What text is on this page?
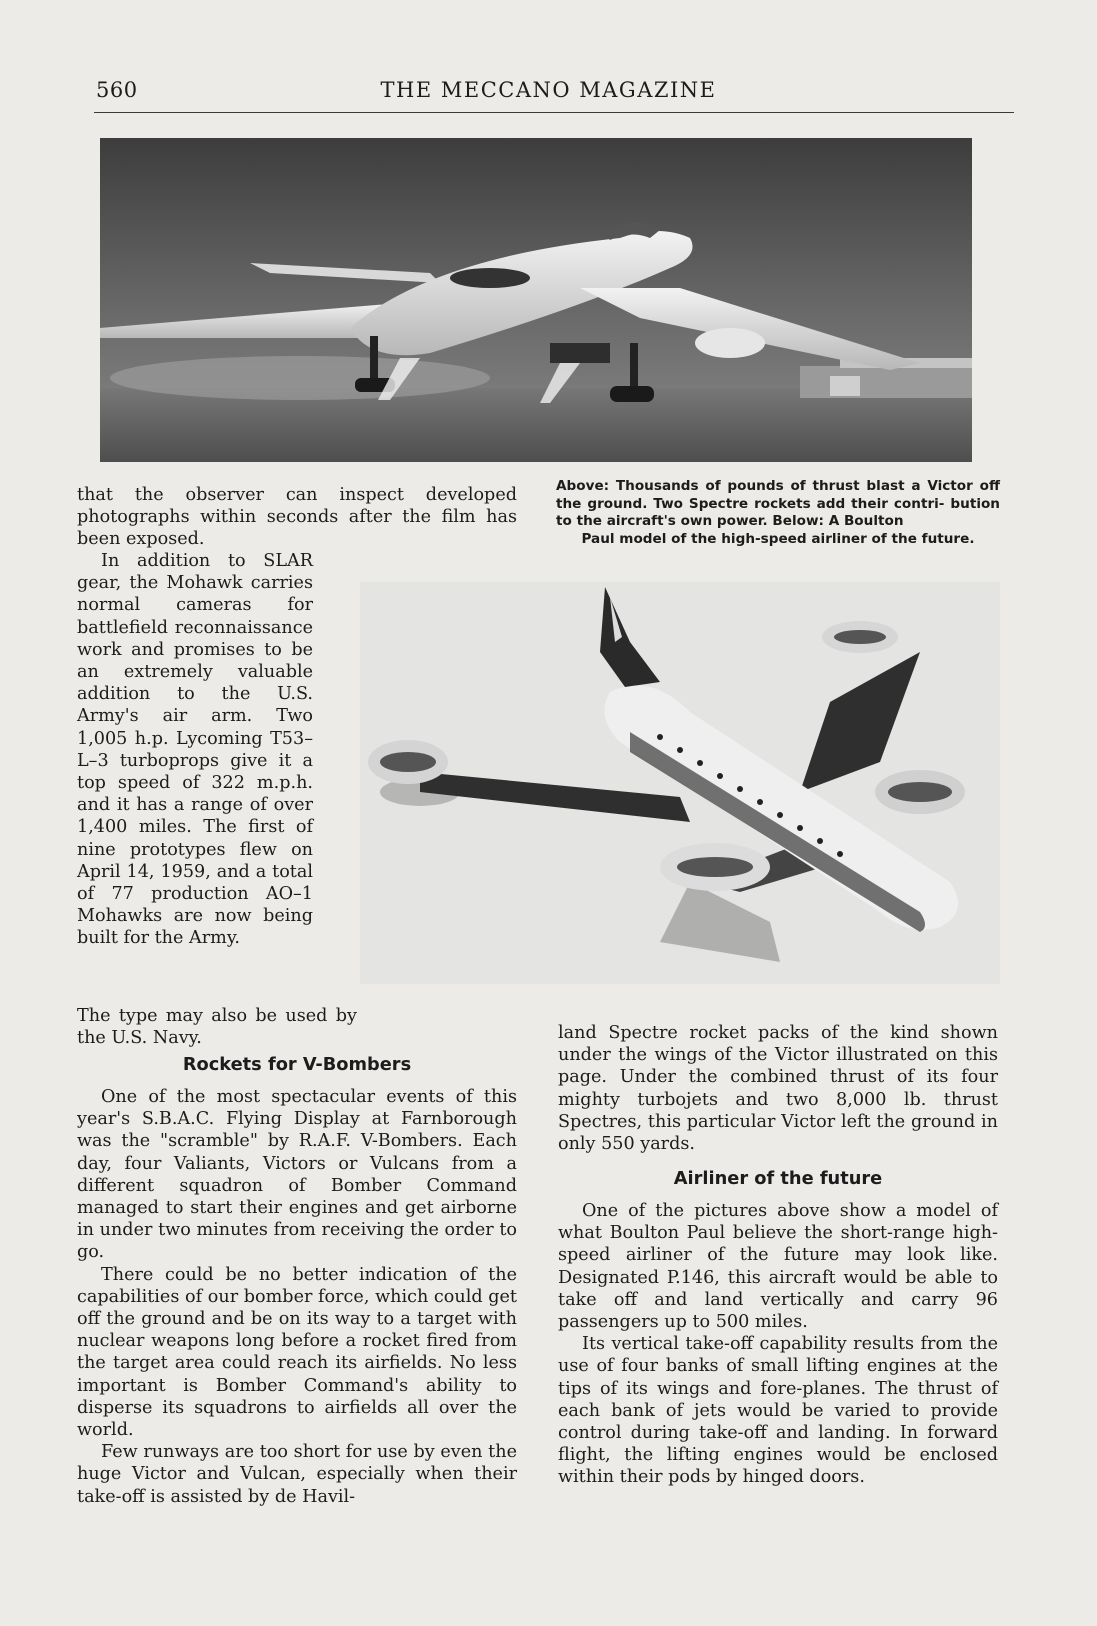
560	THE MECCANO MAGAZINE
Above: Thousands of pounds of thrust blast a Victor off the ground. Two Spectre rockets add their contri- bution to the aircraft's own power. Below: A Boulton
Paul model of the high-speed airliner of the future.

that the observer can inspect developed photographs within seconds after the film has been exposed.

In addition to SLAR gear, the Mohawk carries normal cameras for battlefield reconnaissance work and promises to be an extremely valuable addition to the U.S. Army's air arm. Two 1,005 h.p. Lycoming T53–L–3 turboprops give it a top speed of 322 m.p.h. and it has a range of over 1,400 miles. The first of nine prototypes flew on April 14, 1959, and a total of 77 production AO–1 Mohawks are now being built for the Army.

The type may also be used by the U.S. Navy.

Rockets for V-Bombers

One of the most spectacular events of this year's S.B.A.C. Flying Display at Farnborough was the "scramble" by R.A.F. V-Bombers. Each day, four Valiants, Victors or Vulcans from a different squadron of Bomber Command managed to start their engines and get airborne in under two minutes from receiving the order to go.

There could be no better indication of the capabilities of our bomber force, which could get off the ground and be on its way to a target with nuclear weapons long before a rocket fired from the target area could reach its airfields. No less important is Bomber Command's ability to disperse its squadrons to airfields all over the world.

Few runways are too short for use by even the huge Victor and Vulcan, especially when their take-off is assisted by de Havil-

land Spectre rocket packs of the kind shown under the wings of the Victor illustrated on this page. Under the combined thrust of its four mighty turbojets and two 8,000 lb. thrust Spectres, this particular Victor left the ground in only 550 yards.

Airliner of the future

One of the pictures above show a model of what Boulton Paul believe the short-range high-speed airliner of the future may look like. Designated P.146, this aircraft would be able to take off and land vertically and carry 96 passengers up to 500 miles.

Its vertical take-off capability results from the use of four banks of small lifting engines at the tips of its wings and fore-planes. The thrust of each bank of jets would be varied to provide control during take-off and landing. In forward flight, the lifting engines would be enclosed within their pods by hinged doors.
